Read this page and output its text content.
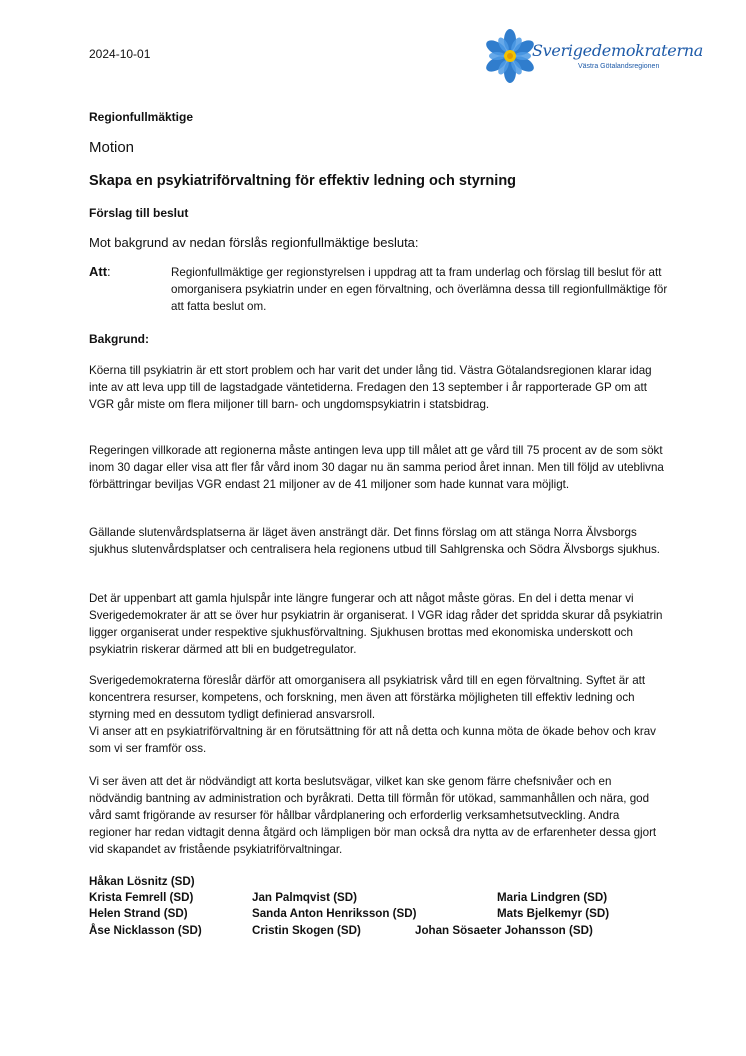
2024-10-01	Sverigedemokraterna
Västra Götalandsregionen
Regionfullmäktige
Motion
Skapa en psykiatriförvaltning för effektiv ledning och styrning
Förslag till beslut
Mot bakgrund av nedan förslås regionfullmäktige besluta:
Att:	Regionfullmäktige ger regionstyrelsen i uppdrag att ta fram underlag och förslag till beslut för att omorganisera psykiatrin under en egen förvaltning, och överlämna dessa till regionfullmäktige för att fatta beslut om.
Bakgrund:
Köerna till psykiatrin är ett stort problem och har varit det under lång tid. Västra Götalandsregionen klarar idag inte av att leva upp till de lagstadgade väntetiderna. Fredagen den 13 september i år rapporterade GP om att VGR går miste om flera miljoner till barn- och ungdomspsykiatrin i statsbidrag.
Regeringen villkorade att regionerna måste antingen leva upp till målet att ge vård till 75 procent av de som sökt inom 30 dagar eller visa att fler får vård inom 30 dagar nu än samma period året innan. Men till följd av uteblivna förbättringar beviljas VGR endast 21 miljoner av de 41 miljoner som hade kunnat vara möjligt.
Gällande slutenvårdsplatserna är läget även ansträngt där. Det finns förslag om att stänga Norra Älvsborgs sjukhus slutenvårdsplatser och centralisera hela regionens utbud till Sahlgrenska och Södra Älvsborgs sjukhus.
Det är uppenbart att gamla hjulspår inte längre fungerar och att något måste göras. En del i detta menar vi Sverigedemokrater är att se över hur psykiatrin är organiserat. I VGR idag råder det spridda skurar då psykiatrin ligger organiserat under respektive sjukhusförvaltning. Sjukhusen brottas med ekonomiska underskott och psykiatrin riskerar därmed att bli en budgetregulator.
Sverigedemokraterna föreslår därför att omorganisera all psykiatrisk vård till en egen förvaltning. Syftet är att koncentrera resurser, kompetens, och forskning, men även att förstärka möjligheten till effektiv ledning och styrning med en dessutom tydligt definierad ansvarsroll.
Vi anser att en psykiatriförvaltning är en förutsättning för att nå detta och kunna möta de ökade behov och krav som vi ser framför oss.
Vi ser även att det är nödvändigt att korta beslutsvägar, vilket kan ske genom färre chefsnivåer och en nödvändig bantning av administration och byråkrati. Detta till förmån för utökad, sammanhållen och nära, god vård samt frigörande av resurser för hållbar vårdplanering och erforderlig verksamhetsutveckling. Andra regioner har redan vidtagit denna åtgärd och lämpligen bör man också dra nytta av de erfarenheter dessa gjort vid skapandet av fristående psykiatriförvaltningar.
Håkan Lösnitz (SD)
Krista Femrell (SD)	Jan Palmqvist (SD)	Maria Lindgren (SD)
Helen Strand (SD)	Sanda Anton Henriksson (SD)	Mats Bjelkemyr (SD)
Åse Nicklasson (SD)	Cristin Skogen (SD)	Johan Sösaeter Johansson (SD)
